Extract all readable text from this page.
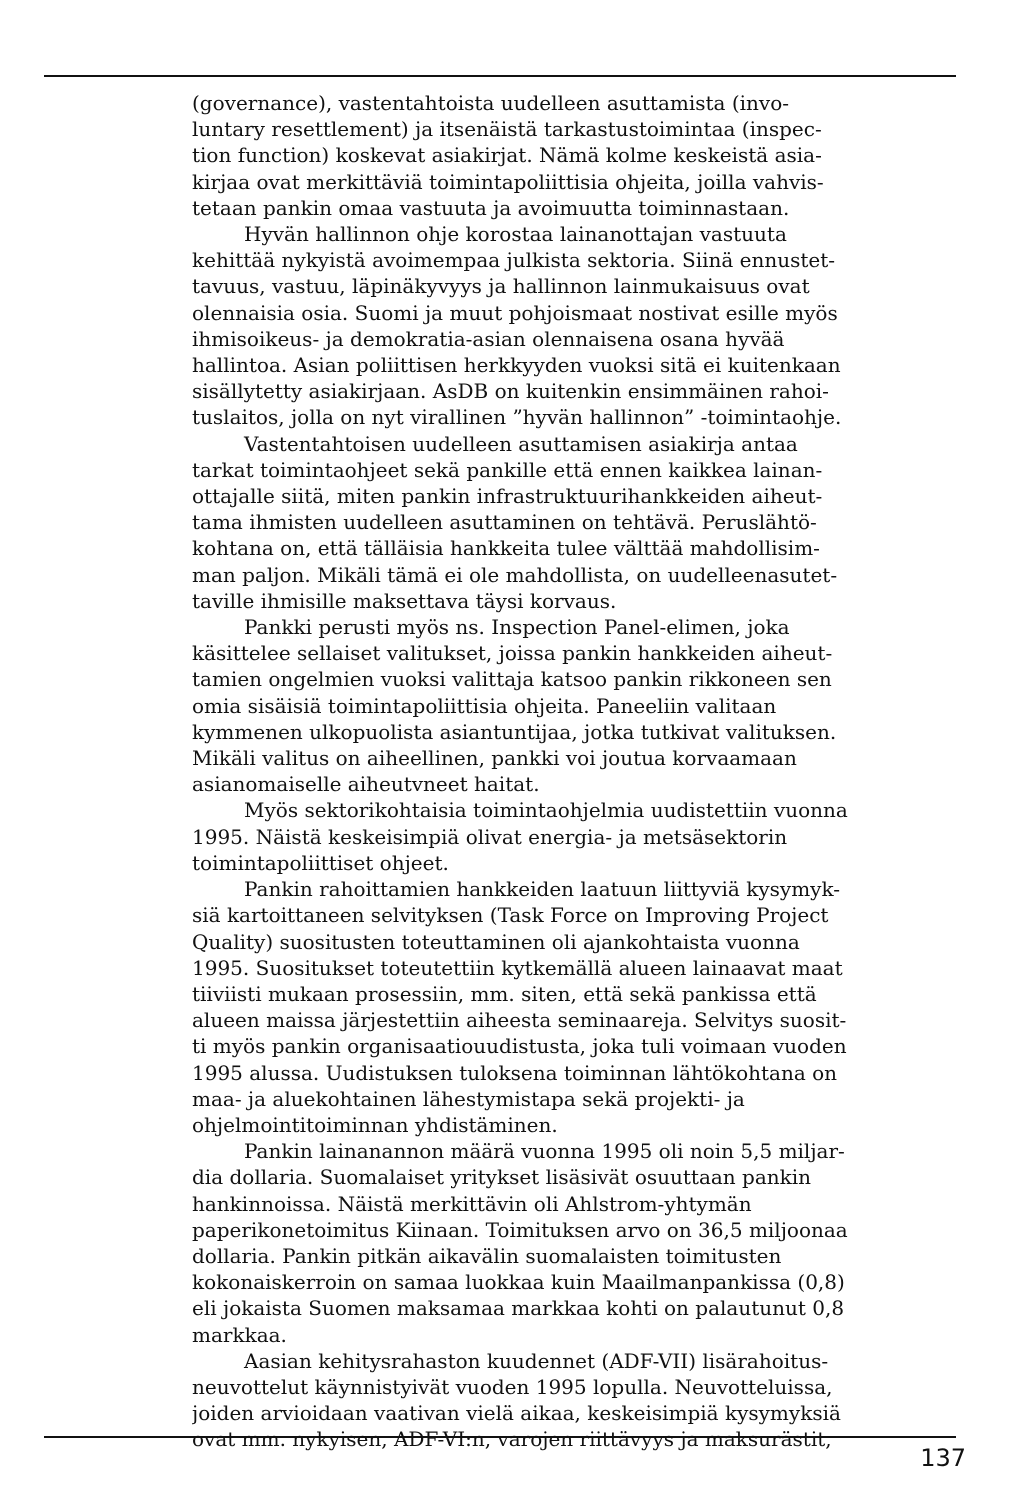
(governance), vastentahtoista uudelleen asuttamista (invo-
luntary resettlement) ja itsenäistä tarkastustoimintaa (inspec-
tion function) koskevat asiakirjat. Nämä kolme keskeistä asia-
kirjaa ovat merkittäviä toimintapoliittisia ohjeita, joilla vahvis-
tetaan pankin omaa vastuuta ja avoimuutta toiminnastaan.
Hyvän hallinnon ohje korostaa lainanottajan vastuuta
kehittää nykyistä avoimempaa julkista sektoria. Siinä ennustet-
tavuus, vastuu, läpinäkyvyys ja hallinnon lainmukaisuus ovat
olennaisia osia. Suomi ja muut pohjoismaat nostivat esille myös
ihmisoikeus- ja demokratia-asian olennaisena osana hyvää
hallintoa. Asian poliittisen herkkyyden vuoksi sitä ei kuitenkaan
sisällytetty asiakirjaan. AsDB on kuitenkin ensimmäinen rahoi-
tuslaitos, jolla on nyt virallinen ”hyvän hallinnon” -toimintaohje.
Vastentahtoisen uudelleen asuttamisen asiakirja antaa
tarkat toimintaohjeet sekä pankille että ennen kaikkea lainan-
ottajalle siitä, miten pankin infrastruktuurihankkeiden aiheut-
tama ihmisten uudelleen asuttaminen on tehtävä. Peruslähtö-
kohtana on, että tälläisia hankkeita tulee välttää mahdollisim-
man paljon. Mikäli tämä ei ole mahdollista, on uudelleenasutet-
taville ihmisille maksettava täysi korvaus.
Pankki perusti myös ns. Inspection Panel-elimen, joka
käsittelee sellaiset valitukset, joissa pankin hankkeiden aiheut-
tamien ongelmien vuoksi valittaja katsoo pankin rikkoneen sen
omia sisäisiä toimintapoliittisia ohjeita. Paneeliin valitaan
kymmenen ulkopuolista asiantuntijaa, jotka tutkivat valituksen.
Mikäli valitus on aiheellinen, pankki voi joutua korvaamaan
asianomaiselle aiheutvneet haitat.
Myös sektorikohtaisia toimintaohjelmia uudistettiin vuonna
1995. Näistä keskeisimpiä olivat energia- ja metsäsektorin
toimintapoliittiset ohjeet.
Pankin rahoittamien hankkeiden laatuun liittyviä kysymyk-
siä kartoittaneen selvityksen (Task Force on Improving Project
Quality) suositusten toteuttaminen oli ajankohtaista vuonna
1995. Suositukset toteutettiin kytkemällä alueen lainaavat maat
tiiviisti mukaan prosessiin, mm. siten, että sekä pankissa että
alueen maissa järjestettiin aiheesta seminaareja. Selvitys suosit-
ti myös pankin organisaatiouudistusta, joka tuli voimaan vuoden
1995 alussa. Uudistuksen tuloksena toiminnan lähtökohtana on
maa- ja aluekohtainen lähestymistapa sekä projekti- ja
ohjelmointitoiminnan yhdistäminen.
Pankin lainanannon määrä vuonna 1995 oli noin 5,5 miljar-
dia dollaria. Suomalaiset yritykset lisäsivät osuuttaan pankin
hankinnoissa. Näistä merkittävin oli Ahlstrom-yhtymän
paperikonetoimitus Kiinaan. Toimituksen arvo on 36,5 miljoonaa
dollaria. Pankin pitkän aikavälin suomalaisten toimitusten
kokonaiskerroin on samaa luokkaa kuin Maailmanpankissa (0,8)
eli jokaista Suomen maksamaa markkaa kohti on palautunut 0,8
markkaa.
Aasian kehitysrahaston kuudennet (ADF-VII) lisärahoitus-
neuvottelut käynnistyivät vuoden 1995 lopulla. Neuvotteluissa,
joiden arvioidaan vaativan vielä aikaa, keskeisimpiä kysymyksiä
ovat mm. nykyisen, ADF-VI:n, varojen riittävyys ja maksurästit,
137
